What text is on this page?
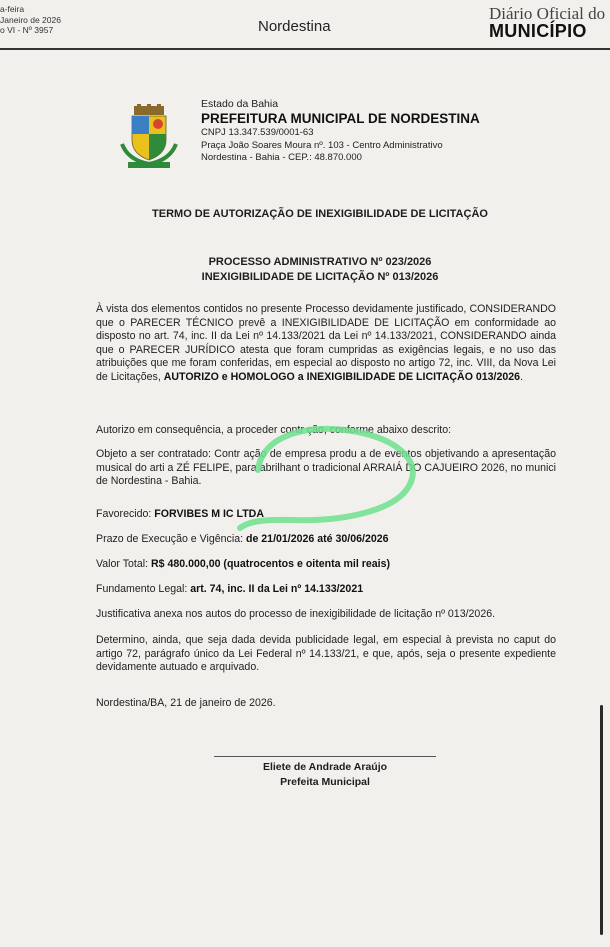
a-feira
Janeiro de 2026
o VI - Nº 3957	Nordestina
Diário Oficial do
MUNICÍPIO
Estado da Bahia
PREFEITURA MUNICIPAL DE NORDESTINA
CNPJ 13.347.539/0001-63
Praça João Soares Moura nº. 103 - Centro Administrativo
Nordestina - Bahia - CEP.: 48.870.000
TERMO DE AUTORIZAÇÃO DE INEXIGIBILIDADE DE LICITAÇÃO
PROCESSO ADMINISTRATIVO Nº 023/2026
INEXIGIBILIDADE DE LICITAÇÃO Nº 013/2026
À vista dos elementos contidos no presente Processo devidamente justificado, CONSIDERANDO que o PARECER TÉCNICO prevê a INEXIGIBILIDADE DE LICITAÇÃO em conformidade ao disposto no art. 74, inc. II da Lei nº 14.133/2021 da Lei nº 14.133/2021, CONSIDERANDO ainda que o PARECER JURÍDICO atesta que foram cumpridas as exigências legais, e no uso das atribuições que me foram conferidas, em especial ao disposto no artigo 72, inc. VIII, da Nova Lei de Licitações, AUTORIZO e HOMOLOGO a INEXIGIBILIDADE DE LICITAÇÃO 013/2026.
Autorizo em consequência, a proceder contr ção, conforme abaixo descrito:
Objeto a ser contratado: Contr ação de empresa produ a de eventos objetivando a apresentação musical do arti a ZÉ FELIPE, para abrilhant o tradicional ARRAIÁ DO CAJUEIRO 2026, no munici de Nordestina - Bahia.
Favorecido: FORVIBES M IC LTDA
Prazo de Execução e Vigência: de 21/01/2026 até 30/06/2026
Valor Total: R$ 480.000,00 (quatrocentos e oitenta mil reais)
Fundamento Legal: art. 74, inc. II da Lei nº 14.133/2021
Justificativa anexa nos autos do processo de inexigibilidade de licitação nº 013/2026.
Determino, ainda, que seja dada devida publicidade legal, em especial à prevista no caput do artigo 72, parágrafo único da Lei Federal nº 14.133/21, e que, após, seja o presente expediente devidamente autuado e arquivado.
Nordestina/BA, 21 de janeiro de 2026.
Eliete de Andrade Araújo
Prefeita Municipal
